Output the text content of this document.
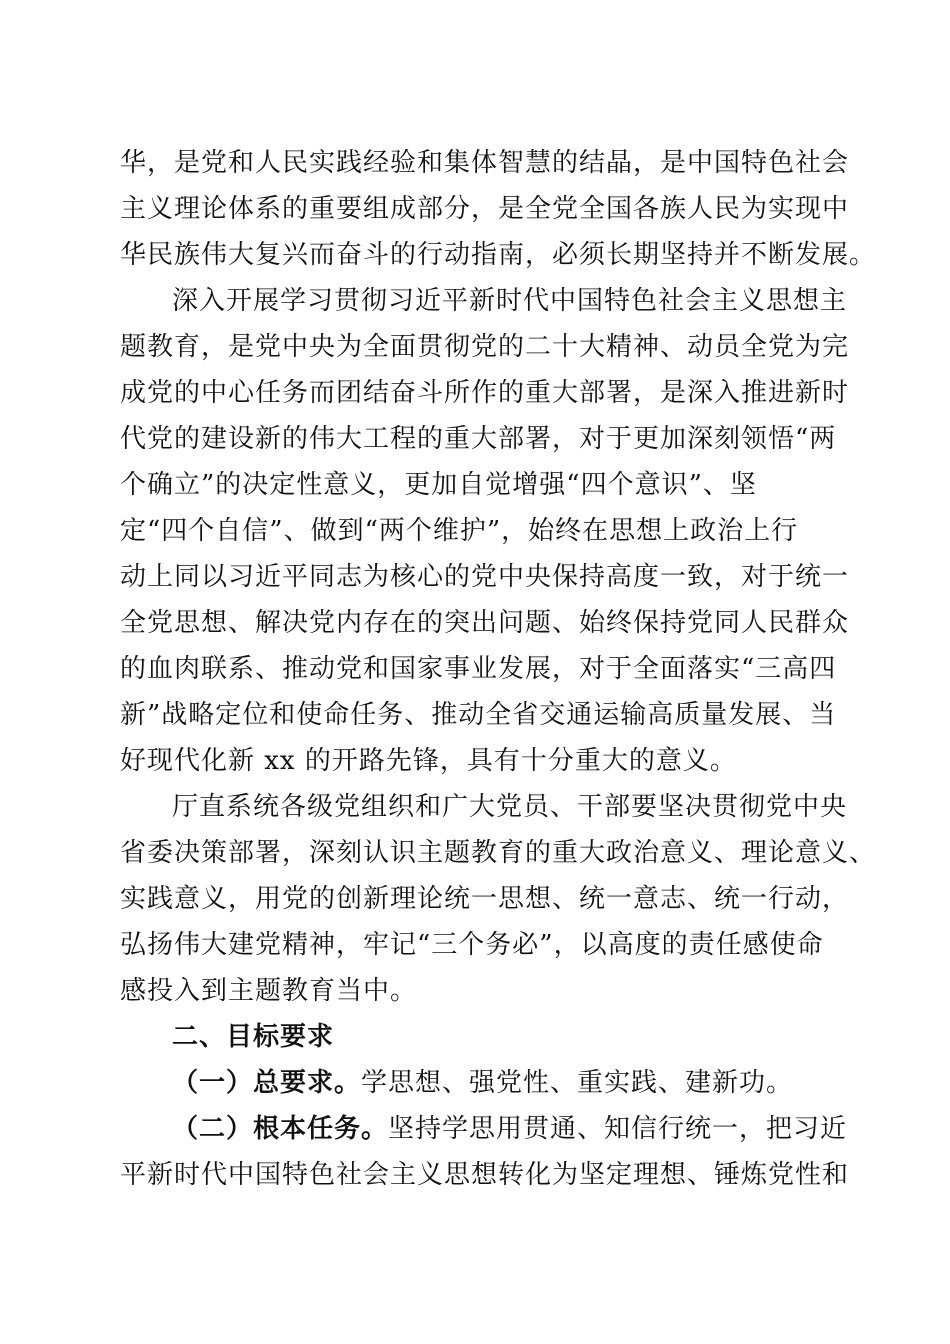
华，是党和人民实践经验和集体智慧的结晶，是中国特色社会
主义理论体系的重要组成部分，是全党全国各族人民为实现中
华民族伟大复兴而奋斗的行动指南，必须长期坚持并不断发展。
深入开展学习贯彻习近平新时代中国特色社会主义思想主
题教育，是党中央为全面贯彻党的二十大精神、动员全党为完
成党的中心任务而团结奋斗所作的重大部署，是深入推进新时
代党的建设新的伟大工程的重大部署，对于更加深刻领悟“两
个确立”的决定性意义，更加自觉增强“四个意识”、坚
定“四个自信”、做到“两个维护”，始终在思想上政治上行
动上同以习近平同志为核心的党中央保持高度一致，对于统一
全党思想、解决党内存在的突出问题、始终保持党同人民群众
的血肉联系、推动党和国家事业发展，对于全面落实“三高四
新”战略定位和使命任务、推动全省交通运输高质量发展、当
好现代化新 xx 的开路先锋，具有十分重大的意义。
厅直系统各级党组织和广大党员、干部要坚决贯彻党中央
省委决策部署，深刻认识主题教育的重大政治意义、理论意义、
实践意义，用党的创新理论统一思想、统一意志、统一行动，
弘扬伟大建党精神，牢记“三个务必”，以高度的责任感使命
感投入到主题教育当中。
二、目标要求
（一）总要求。学思想、强党性、重实践、建新功。
（二）根本任务。坚持学思用贯通、知信行统一，把习近
平新时代中国特色社会主义思想转化为坚定理想、锤炼党性和
